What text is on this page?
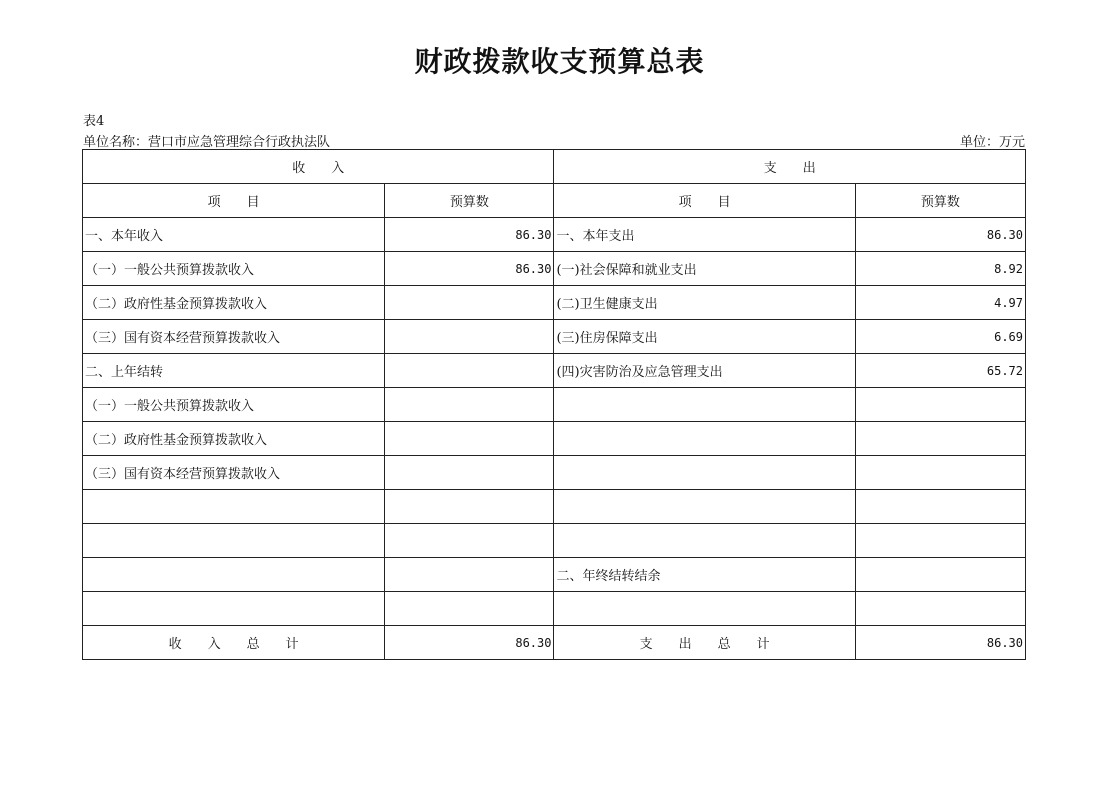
财政拨款收支预算总表
表4
单位名称：营口市应急管理综合行政执法队	单位：万元
收　　入		支　　出	
项　　目	预算数	项　　目	预算数
一、本年收入	86.30	一、本年支出	86.30
（一）一般公共预算拨款收入	86.30	(一)社会保障和就业支出	8.92
（二）政府性基金预算拨款收入		(二)卫生健康支出	4.97
（三）国有资本经营预算拨款收入		(三)住房保障支出	6.69
二、上年结转		(四)灾害防治及应急管理支出	65.72
（一）一般公共预算拨款收入			
（二）政府性基金预算拨款收入			
（三）国有资本经营预算拨款收入			

		二、年终结转结余	

收　　入　　总　　计	86.30	支　　出　　总　　计	86.30
